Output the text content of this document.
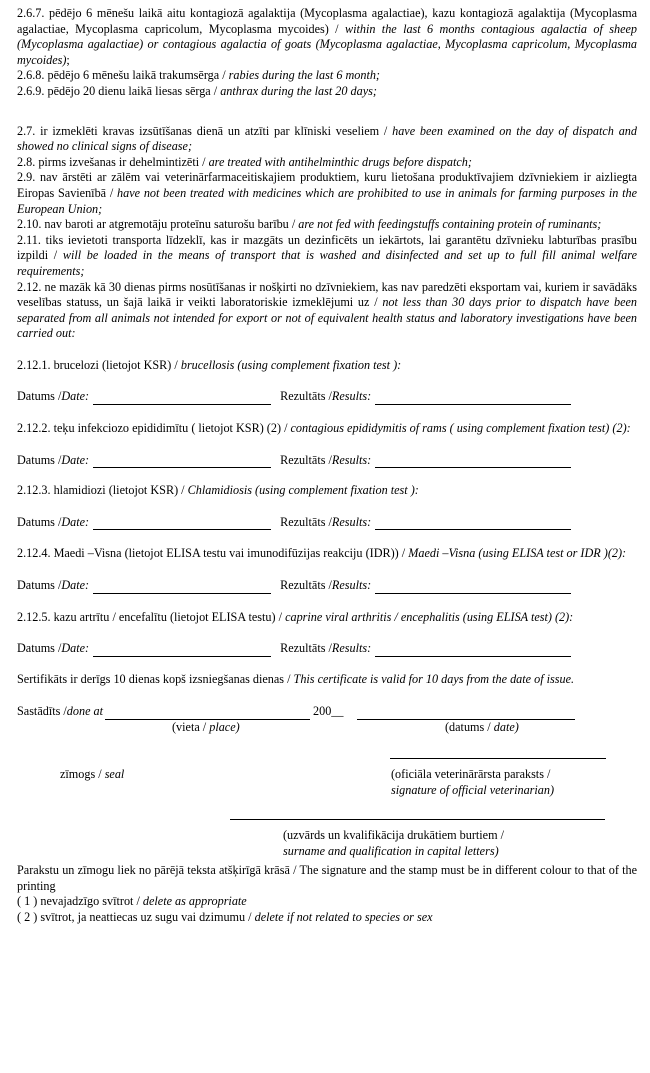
2.6.7. pēdējo 6 mēnešu laikā aitu kontagiozā agalaktija (Mycoplasma agalactiae), kazu kontagiozā agalaktija (Mycoplasma agalactiae, Mycoplasma capricolum, Mycoplasma mycoides) / within the last 6 months contagious agalactia of sheep (Mycoplasma agalactiae) or contagious agalactia of goats (Mycoplasma agalactiae, Mycoplasma capricolum, Mycoplasma mycoides);

2.6.8. pēdējo 6 mēnešu laikā trakumsērga / rabies during the last 6 month;

2.6.9. pēdējo 20 dienu laikā liesas sērga / anthrax during the last 20 days;

2.7. ir izmeklēti kravas izsūtīšanas dienā un atzīti par klīniski veseliem / have been examined on the day of dispatch and showed no clinical signs of disease;

2.8. pirms izvešanas ir dehelmintizēti / are treated with antihelminthic drugs before dispatch;

2.9. nav ārstēti ar zālēm vai veterinārfarmaceitiskajiem produktiem, kuru lietošana produktīvajiem dzīvniekiem ir aizliegta Eiropas Savienībā / have not been treated with medicines which are prohibited to use in animals for farming purposes in the European Union;

2.10. nav baroti ar atgremotāju proteīnu saturošu barību / are not fed with feedingstuffs containing protein of ruminants;

2.11. tiks ievietoti transporta līdzeklī, kas ir mazgāts un dezinficēts un iekārtots, lai garantētu dzīvnieku labturības prasību izpildi / will be loaded in the means of transport that is washed and disinfected and set up to full fill animal welfare requirements;

2.12. ne mazāk kā 30 dienas pirms nosūtīšanas ir nošķirti no dzīvniekiem, kas nav paredzēti eksportam vai, kuriem ir savādāks veselības statuss, un šajā laikā ir veikti laboratoriskie izmeklējumi uz / not less than 30 days prior to dispatch have been separated from all animals not intended for export or not of equivalent health status and laboratory investigations have been carried out:

2.12.1. brucelozi (lietojot KSR) / brucellosis (using complement fixation test ):

Datums / Date:	Rezultāts / Results:

2.12.2. teķu infekciozo epididimītu ( lietojot KSR) (2) / contagious epididymitis of rams ( using complement fixation test) (2):

Datums / Date:	Rezultāts / Results:

2.12.3. hlamidiozi (lietojot KSR) / Chlamidiosis (using complement fixation test ):

Datums / Date:	Rezultāts / Results:

2.12.4. Maedi –Visna (lietojot ELISA testu vai imunodifūzijas reakciju (IDR)) / Maedi –Visna (using ELISA test or IDR )(2):

Datums / Date:	Rezultāts / Results:

2.12.5. kazu artrītu / encefalītu (lietojot ELISA testu) / caprine viral arthritis / encephalitis (using ELISA test) (2):

Datums / Date:	Rezultāts / Results:

Sertifikāts ir derīgs 10 dienas kopš izsniegšanas dienas / This certificate is valid for 10 days from the date of issue.

Sastādīts / done at	200__
(vieta / place)	(datums / date)
zīmogs / seal	(oficiāla veterinārārsta paraksts /
signature of official veterinarian)
(uzvārds un kvalifikācija drukātiem burtiem /
surname and qualification in capital letters)

Parakstu un zīmogu liek no pārējā teksta atšķirīgā krāsā / The signature and the stamp must be in different colour to that of the printing

( 1 ) nevajadzīgo svītrot / delete as appropriate

( 2 ) svītrot, ja neattiecas uz sugu vai dzimumu / delete if not related to species or sex
